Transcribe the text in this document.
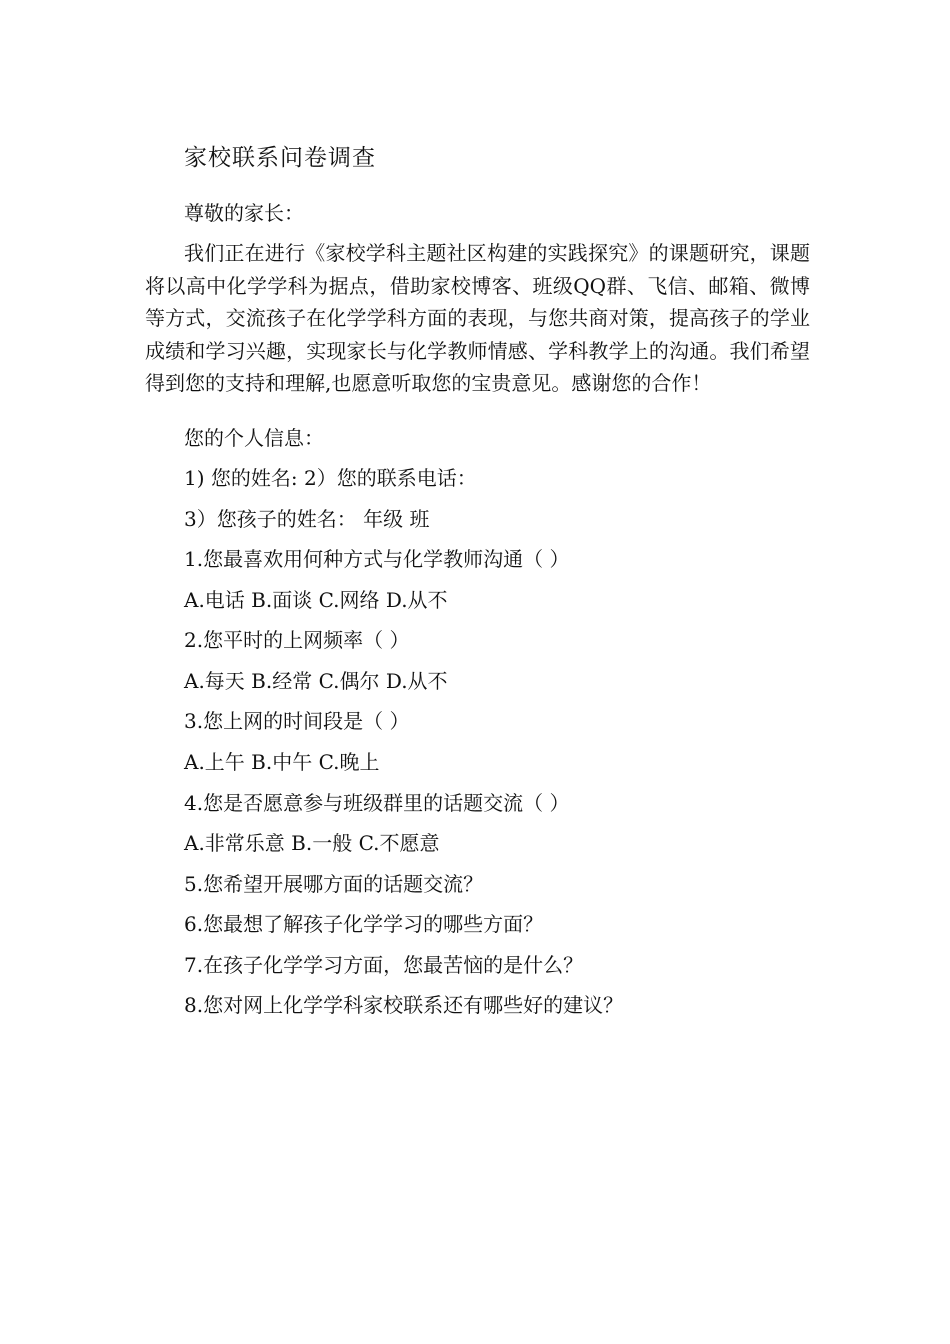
家校联系问卷调查
尊敬的家长：

我们正在进行《家校学科主题社区构建的实践探究》的课题研究，课题将以高中化学学科为据点，借助家校博客、班级QQ群、飞信、邮箱、微博等方式，交流孩子在化学学科方面的表现，与您共商对策，提高孩子的学业成绩和学习兴趣，实现家长与化学教师情感、学科教学上的沟通。我们希望得到您的支持和理解,也愿意听取您的宝贵意见。感谢您的合作！

您的个人信息：
1) 您的姓名: 2）您的联系电话：
3）您孩子的姓名： 年级 班
1.您最喜欢用何种方式与化学教师沟通（ ）
A.电话 B.面谈 C.网络 D.从不
2.您平时的上网频率（ ）
A.每天 B.经常 C.偶尔 D.从不
3.您上网的时间段是（ ）
A.上午 B.中午 C.晚上
4.您是否愿意参与班级群里的话题交流（ ）
A.非常乐意 B.一般 C.不愿意
5.您希望开展哪方面的话题交流？
6.您最想了解孩子化学学习的哪些方面？
7.在孩子化学学习方面，您最苦恼的是什么？
8.您对网上化学学科家校联系还有哪些好的建议？
